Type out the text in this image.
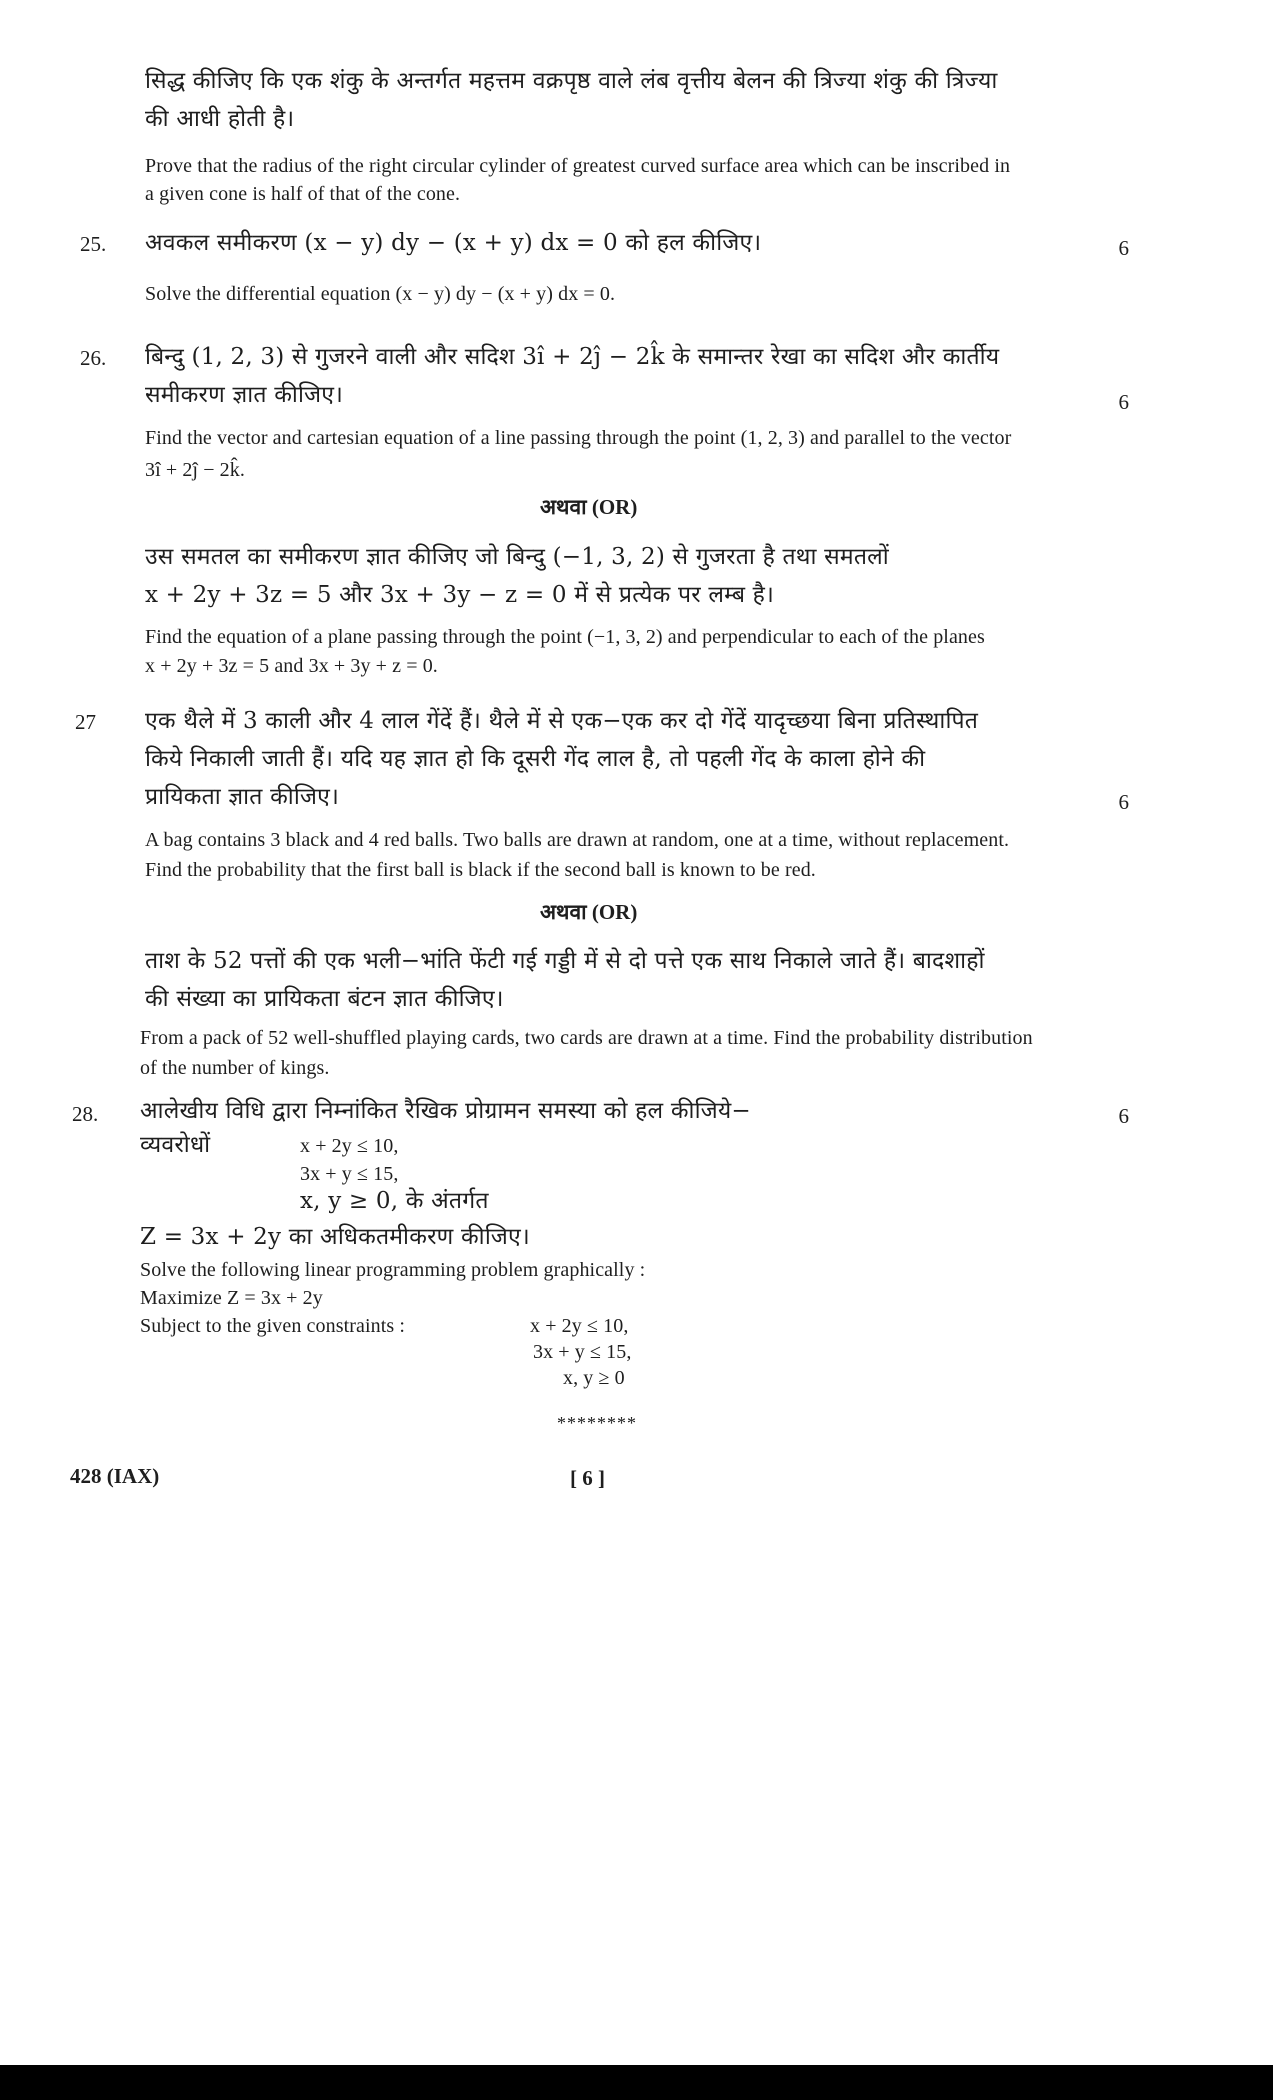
सिद्ध कीजिए कि एक शंकु के अन्तर्गत महत्तम वक्रपृष्ठ वाले लंब वृत्तीय बेलन की त्रिज्या शंकु की त्रिज्या
की आधी होती है।
Prove that the radius of the right circular cylinder of greatest curved surface area which can be inscribed in
a given cone is half of that of the cone.
25. अवकल समीकरण (x − y) dy − (x + y) dx = 0 को हल कीजिए।	6
Solve the differential equation (x − y) dy − (x + y) dx = 0.
26. बिन्दु (1, 2, 3) से गुजरने वाली और सदिश 3î + 2ĵ − 2k̂ के समान्तर रेखा का सदिश और कार्तीय
समीकरण ज्ञात कीजिए।	6
Find the vector and cartesian equation of a line passing through the point (1, 2, 3) and parallel to the vector
3î + 2ĵ − 2k̂.
अथवा (OR)
उस समतल का समीकरण ज्ञात कीजिए जो बिन्दु (−1, 3, 2) से गुजरता है तथा समतलों
x + 2y + 3z = 5 और 3x + 3y − z = 0 में से प्रत्येक पर लम्ब है।
Find the equation of a plane passing through the point (−1, 3, 2) and perpendicular to each of the planes
x + 2y + 3z = 5 and 3x + 3y + z = 0.
27 एक थैले में 3 काली और 4 लाल गेंदें हैं। थैले में से एक−एक कर दो गेंदें यादृच्छया बिना प्रतिस्थापित
किये निकाली जाती हैं। यदि यह ज्ञात हो कि दूसरी गेंद लाल है, तो पहली गेंद के काला होने की
प्रायिकता ज्ञात कीजिए।	6
A bag contains 3 black and 4 red balls. Two balls are drawn at random, one at a time, without replacement.
Find the probability that the first ball is black if the second ball is known to be red.
अथवा (OR)
ताश के 52 पत्तों की एक भली−भांति फेंटी गई गड्डी में से दो पत्ते एक साथ निकाले जाते हैं। बादशाहों
की संख्या का प्रायिकता बंटन ज्ञात कीजिए।
From a pack of 52 well-shuffled playing cards, two cards are drawn at a time. Find the probability distribution
of the number of kings.
28. आलेखीय विधि द्वारा निम्नांकित रैखिक प्रोग्रामन समस्या को हल कीजिये−	6
व्यवरोधों	x + 2y ≤ 10,
3x + y ≤ 15,
x, y ≥ 0, के अंतर्गत
Z = 3x + 2y का अधिकतमीकरण कीजिए।
Solve the following linear programming problem graphically :
Maximize Z = 3x + 2y
Subject to the given constraints :	x + 2y ≤ 10,
3x + y ≤ 15,
x, y ≥ 0
********
428 (IAX)	[ 6 ]
